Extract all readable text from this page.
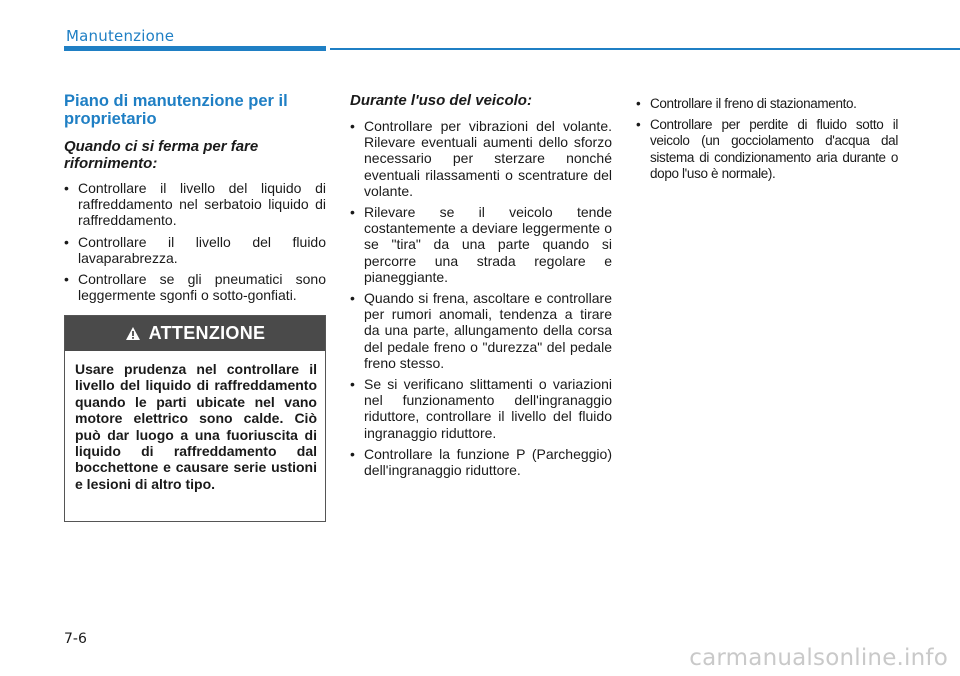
Manutenzione
Piano di manutenzione per il proprietario
Quando ci si ferma per fare rifornimento:
• Controllare il livello del liquido di raffreddamento nel serbatoio liquido di raffreddamento.
• Controllare il livello del fluido lavaparabrezza.
• Controllare se gli pneumatici sono leggermente sgonfi o sotto-gonfiati.
ATTENZIONE
Usare prudenza nel controllare il livello del liquido di raffreddamento quando le parti ubicate nel vano motore elettrico sono calde. Ciò può dar luogo a una fuoriuscita di liquido di raffreddamento dal bocchettone e causare serie ustioni e lesioni di altro tipo.
Durante l'uso del veicolo:
• Controllare per vibrazioni del volante. Rilevare eventuali aumenti dello sforzo necessario per sterzare nonché eventuali rilassamenti o scentrature del volante.
• Rilevare se il veicolo tende costantemente a deviare leggermente o se "tira" da una parte quando si percorre una strada regolare e pianeggiante.
• Quando si frena, ascoltare e controllare per rumori anomali, tendenza a tirare da una parte, allungamento della corsa del pedale freno o "durezza" del pedale freno stesso.
• Se si verificano slittamenti o variazioni nel funzionamento dell'ingranaggio riduttore, controllare il livello del fluido ingranaggio riduttore.
• Controllare la funzione P (Parcheggio) dell'ingranaggio riduttore.
• Controllare il freno di stazionamento.
• Controllare per perdite di fluido sotto il veicolo (un gocciolamento d'acqua dal sistema di condizionamento aria durante o dopo l'uso è normale).
7-6
carmanualsonline.info
